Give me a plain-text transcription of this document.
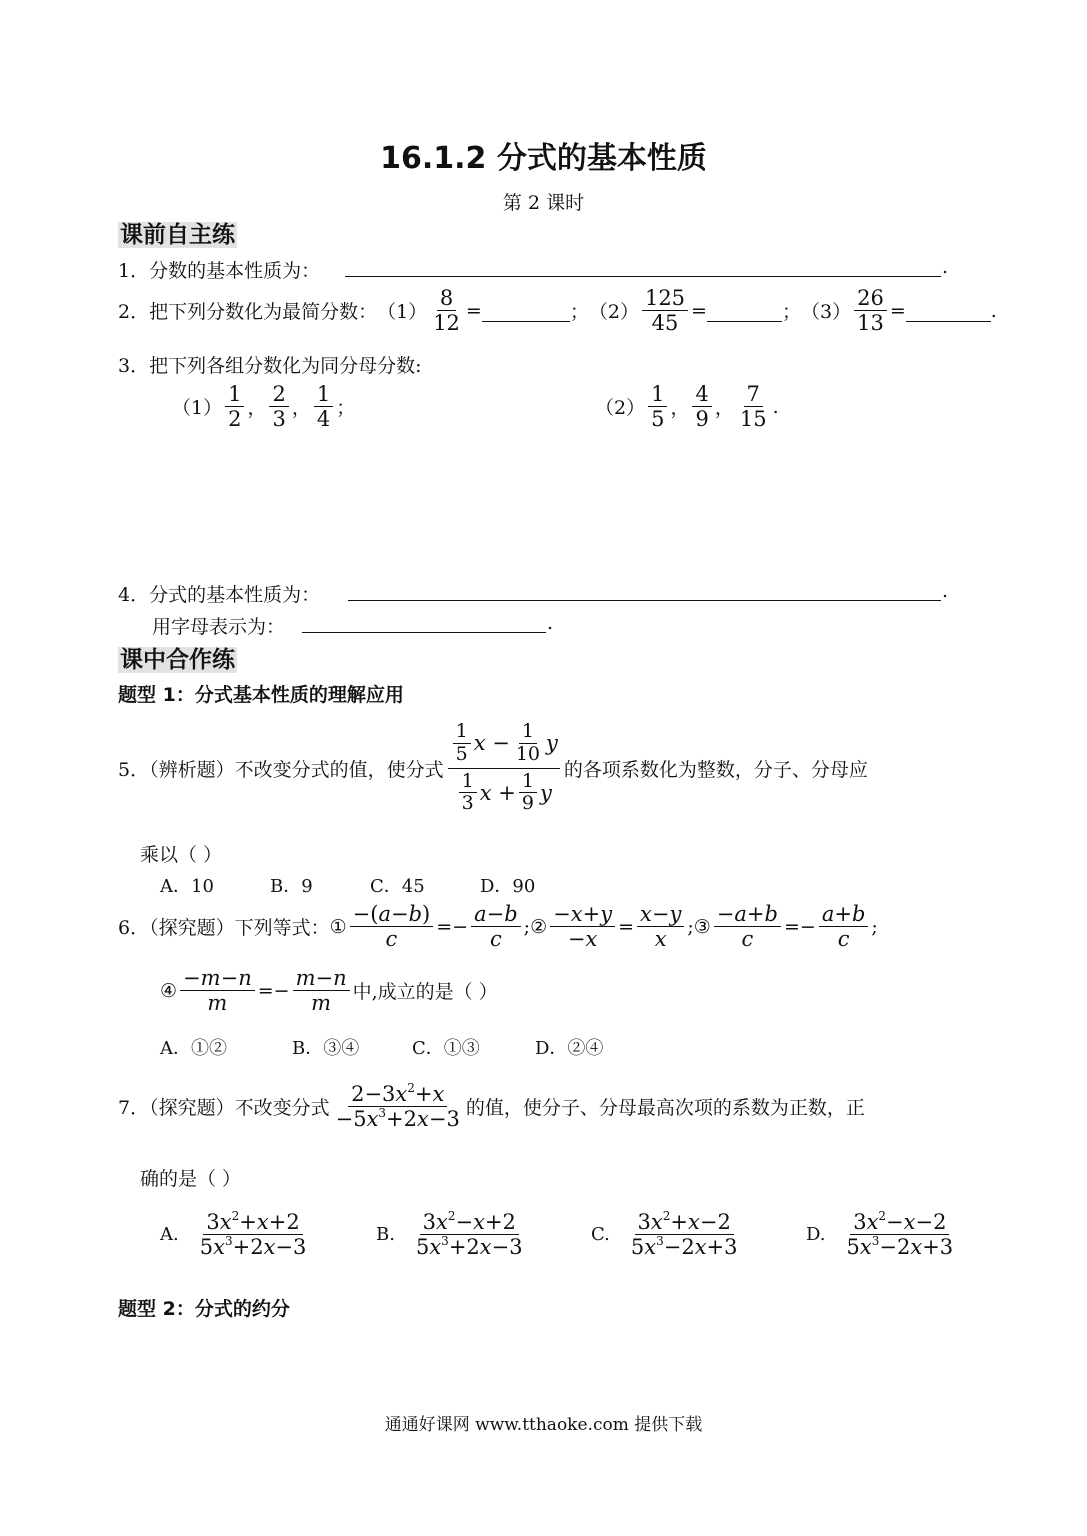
16.1.2 分式的基本性质
第 2 课时
课前自主练
1．分数的基本性质为：	.
2．把下列分数化为最简分数： $(1) \frac{8}{12}$ =	； $(2) \frac{125}{45}$ =	； $(3) \frac{26}{13}$ =	.
3．把下列各组分数化为同分母分数:
$(1) \frac{1}{2}$ ， $\frac{2}{3}$ ， $\frac{1}{4}$ ；	$(2) \frac{1}{5}$ ， $\frac{4}{9}$ ， $\frac{7}{15}$ .
4．分式的基本性质为：	.
用字母表示为：	.
课中合作练
题型 1：分式基本性质的理解应用
5．（辨析题）不改变分式的值，使分式 $\frac{\frac{1}{5} x - \frac{1}{10} y}{\frac{1}{3} x + \frac{1}{9} y}$ 的各项系数化为整数，分子、分母应
乘以（ ）
A．10	B．9	C．45	D．90
6．（探究题）下列等式： ① $\frac{-(a-b)}{c} =- \frac{a-b}{c}$ ; ② $\frac{-x+y}{-x} = \frac{x-y}{x}$ ; ③ $\frac{-a+b}{c} =- \frac{a+b}{c}$ ;
④ $\frac{-m-n}{m} =- \frac{m-n}{m}$ 中,成立的是（ ）
A．①②	B．③④	C．①③	D．②④
7．（探究题）不改变分式 $\frac{2-3x^2+x}{-5x^3+2x-3}$ 的值，使分子、分母最高次项的系数为正数，正
确的是（ ）
A. $\frac{3x^2+x+2}{5x^3+2x-3}$	B. $\frac{3x^2-x+2}{5x^3+2x-3}$	C. $\frac{3x^2+x-2}{5x^3-2x+3}$	D. $\frac{3x^2-x-2}{5x^3-2x+3}$
题型 2：分式的约分
通通好课网 www.tthaoke.com 提供下载
